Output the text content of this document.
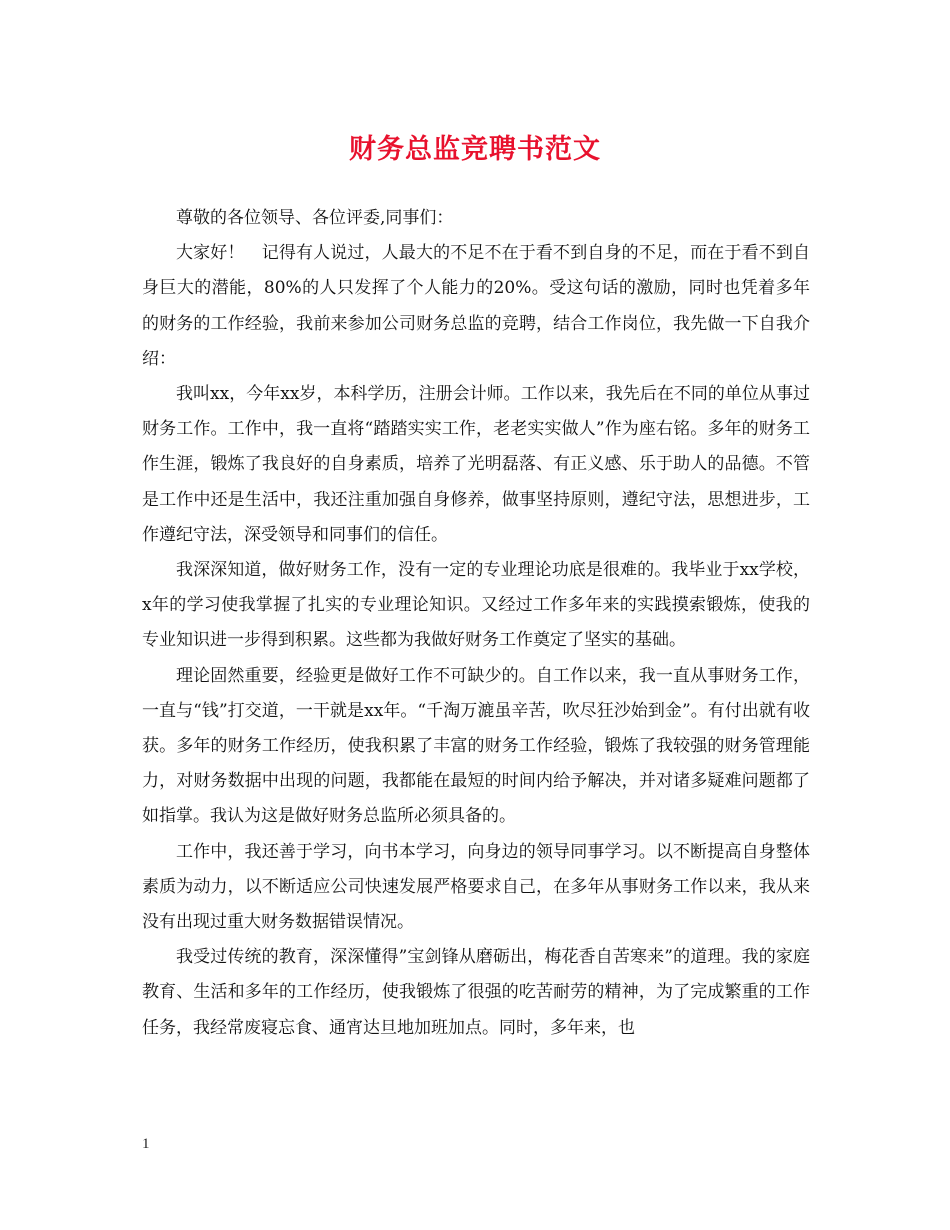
财务总监竞聘书范文

尊敬的各位领导、各位评委,同事们：

大家好！　记得有人说过，人最大的不足不在于看不到自身的不足，而在于看不到自身巨大的潜能，80%的人只发挥了个人能力的20%。受这句话的激励，同时也凭着多年的财务的工作经验，我前来参加公司财务总监的竞聘，结合工作岗位，我先做一下自我介绍：

我叫xx，今年xx岁，本科学历，注册会计师。工作以来，我先后在不同的单位从事过财务工作。工作中，我一直将“踏踏实实工作，老老实实做人”作为座右铭。多年的财务工作生涯，锻炼了我良好的自身素质，培养了光明磊落、有正义感、乐于助人的品德。不管是工作中还是生活中，我还注重加强自身修养，做事坚持原则，遵纪守法，思想进步，工作遵纪守法，深受领导和同事们的信任。

我深深知道，做好财务工作，没有一定的专业理论功底是很难的。我毕业于xx学校，x年的学习使我掌握了扎实的专业理论知识。又经过工作多年来的实践摸索锻炼，使我的专业知识进一步得到积累。这些都为我做好财务工作奠定了坚实的基础。

理论固然重要，经验更是做好工作不可缺少的。自工作以来，我一直从事财务工作，一直与“钱”打交道，一干就是xx年。“千淘万漉虽辛苦，吹尽狂沙始到金”。有付出就有收获。多年的财务工作经历，使我积累了丰富的财务工作经验，锻炼了我较强的财务管理能力，对财务数据中出现的问题，我都能在最短的时间内给予解决，并对诸多疑难问题都了如指掌。我认为这是做好财务总监所必须具备的。

工作中，我还善于学习，向书本学习，向身边的领导同事学习。以不断提高自身整体素质为动力，以不断适应公司快速发展严格要求自己，在多年从事财务工作以来，我从来没有出现过重大财务数据错误情况。

我受过传统的教育，深深懂得”宝剑锋从磨砺出，梅花香自苦寒来”的道理。我的家庭教育、生活和多年的工作经历，使我锻炼了很强的吃苦耐劳的精神，为了完成繁重的工作任务，我经常废寝忘食、通宵达旦地加班加点。同时，多年来，也

1
